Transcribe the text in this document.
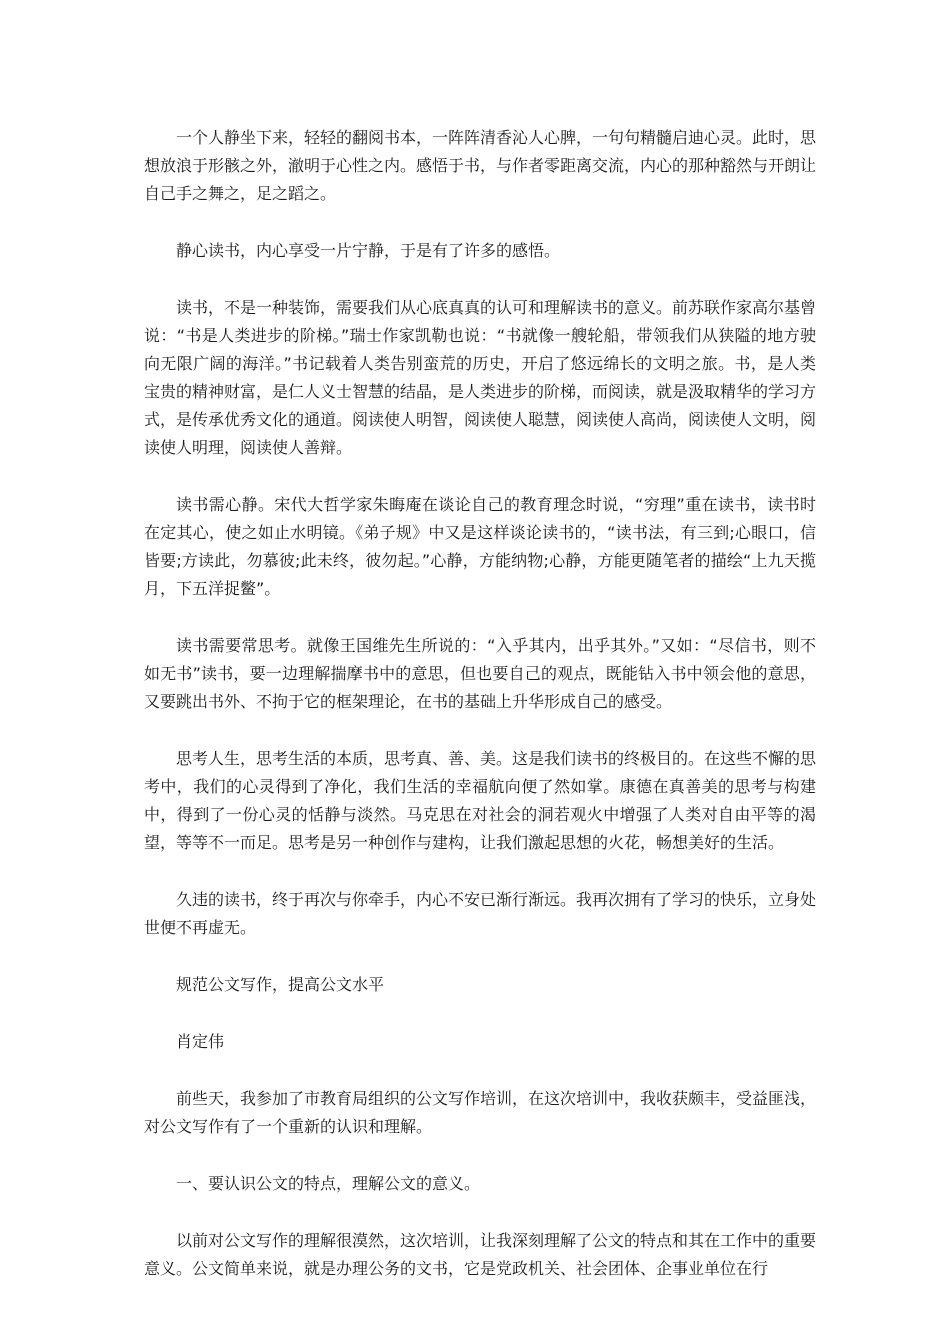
一个人静坐下来，轻轻的翻阅书本，一阵阵清香沁人心脾，一句句精髓启迪心灵。此时，思想放浪于形骸之外，澈明于心性之内。感悟于书，与作者零距离交流，内心的那种豁然与开朗让自己手之舞之，足之蹈之。

静心读书，内心享受一片宁静，于是有了许多的感悟。

读书，不是一种装饰，需要我们从心底真真的认可和理解读书的意义。前苏联作家高尔基曾说：“书是人类进步的阶梯。”瑞士作家凯勒也说：“书就像一艘轮船，带领我们从狭隘的地方驶向无限广阔的海洋。”书记载着人类告别蛮荒的历史，开启了悠远绵长的文明之旅。书，是人类宝贵的精神财富，是仁人义士智慧的结晶，是人类进步的阶梯，而阅读，就是汲取精华的学习方式，是传承优秀文化的通道。阅读使人明智，阅读使人聪慧，阅读使人高尚，阅读使人文明，阅读使人明理，阅读使人善辩。

读书需心静。宋代大哲学家朱晦庵在谈论自己的教育理念时说，“穷理”重在读书，读书时在定其心，使之如止水明镜。《弟子规》中又是这样谈论读书的，“读书法，有三到;心眼口，信皆要;方读此，勿慕彼;此未终，彼勿起。”心静，方能纳物;心静，方能更随笔者的描绘“上九天揽月，下五洋捉鳖”。

读书需要常思考。就像王国维先生所说的：“入乎其内，出乎其外。”又如：“尽信书，则不如无书”读书，要一边理解揣摩书中的意思，但也要自己的观点，既能钻入书中领会他的意思，又要跳出书外、不拘于它的框架理论，在书的基础上升华形成自己的感受。

思考人生，思考生活的本质，思考真、善、美。这是我们读书的终极目的。在这些不懈的思考中，我们的心灵得到了净化，我们生活的幸福航向便了然如掌。康德在真善美的思考与构建中，得到了一份心灵的恬静与淡然。马克思在对社会的洞若观火中增强了人类对自由平等的渴望，等等不一而足。思考是另一种创作与建构，让我们激起思想的火花，畅想美好的生活。

久违的读书，终于再次与你牵手，内心不安已渐行渐远。我再次拥有了学习的快乐，立身处世便不再虚无。

规范公文写作，提高公文水平

肖定伟

前些天，我参加了市教育局组织的公文写作培训，在这次培训中，我收获颇丰，受益匪浅，对公文写作有了一个重新的认识和理解。

一、要认识公文的特点，理解公文的意义。

以前对公文写作的理解很漠然，这次培训，让我深刻理解了公文的特点和其在工作中的重要意义。公文简单来说，就是办理公务的文书，它是党政机关、社会团体、企事业单位在行
